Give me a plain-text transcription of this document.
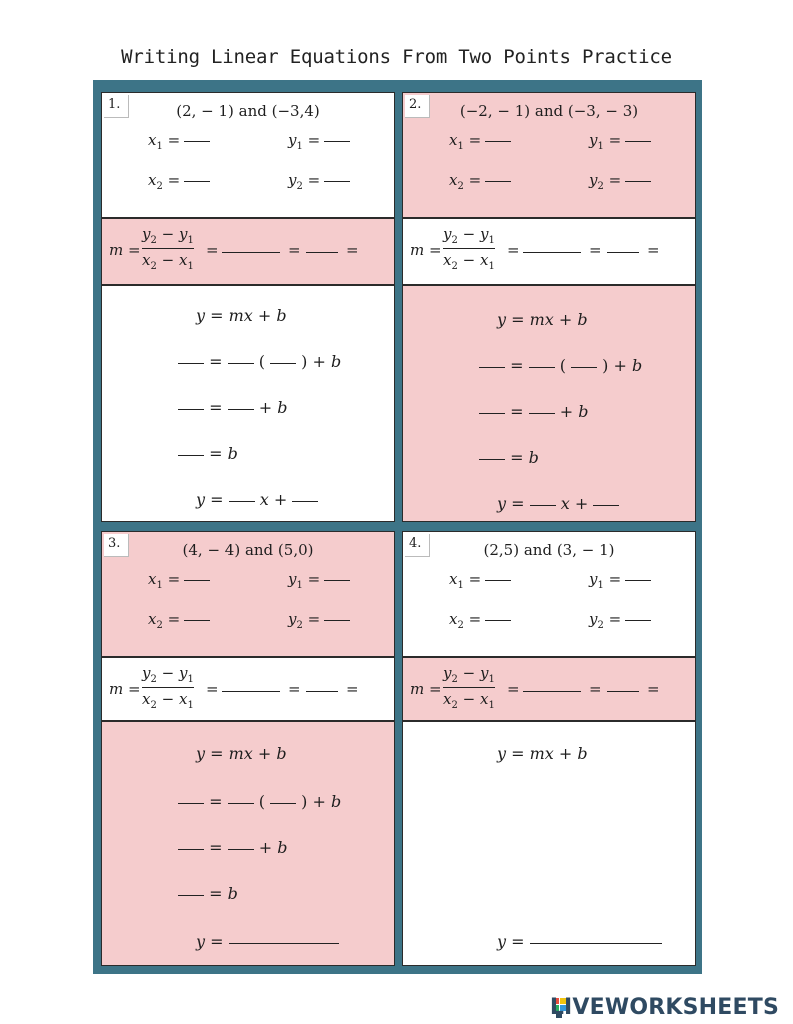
Writing Linear Equations From Two Points Practice
1.	(2, − 1) and (−3,4)
$x_1$ =	$y_1$ =
$x_2$ =	$y_2$ =
m =
$y_2 - y_1$
$x_2 - x_1$
=	=	=
y = mx + b
= ( ) + b
= + b
= b
y = x +
2.	(−2, − 1) and (−3, − 3)
$x_1$ =	$y_1$ =
$x_2$ =	$y_2$ =
m =
$y_2 - y_1$
$x_2 - x_1$
=	=	=
y = mx + b
= ( ) + b
= + b
= b
y = x +
3.	(4, − 4) and (5,0)
$x_1$ =	$y_1$ =
$x_2$ =	$y_2$ =
m =
$y_2 - y_1$
$x_2 - x_1$
=	=	=
y = mx + b
= ( ) + b
= + b
= b
y =
4.	(2,5) and (3, − 1)
$x_1$ =	$y_1$ =
$x_2$ =	$y_2$ =
m =
$y_2 - y_1$
$x_2 - x_1$
=	=	=
y = mx + b
y =
LIVEWORKSHEETS
